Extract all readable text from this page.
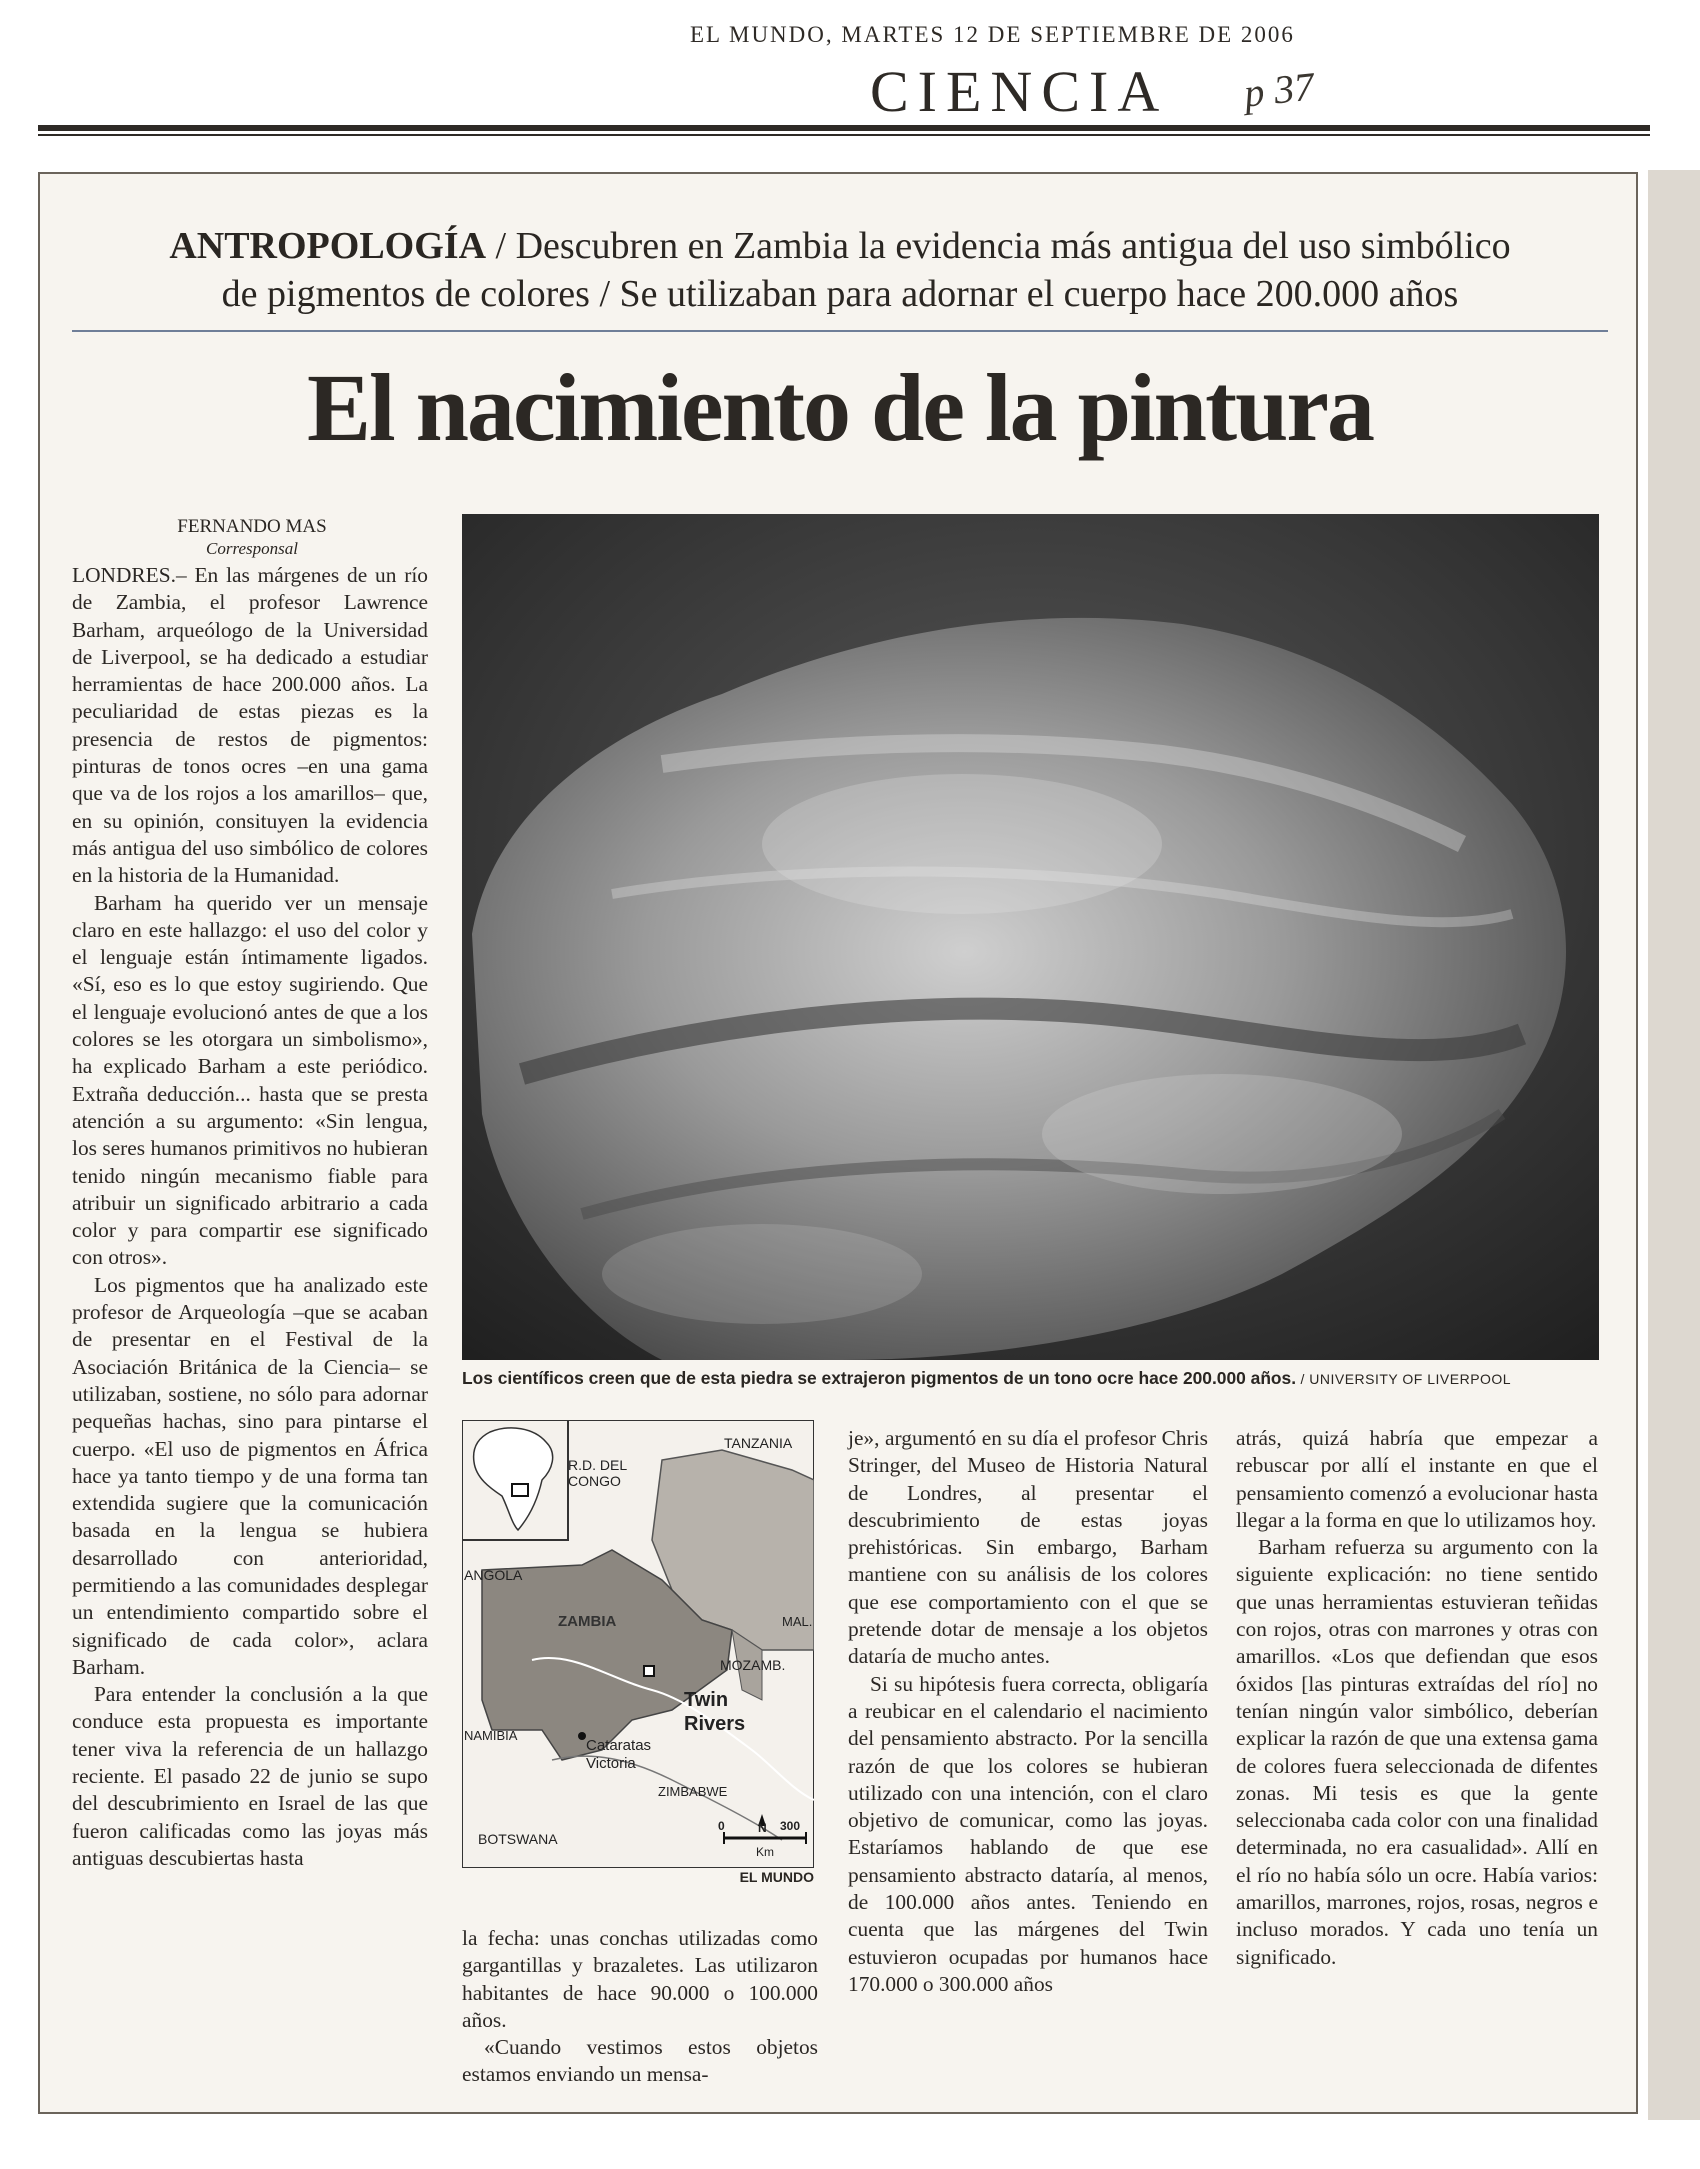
EL MUNDO, MARTES 12 DE SEPTIEMBRE DE 2006
CIENCIA p 37
ANTROPOLOGÍA / Descubren en Zambia la evidencia más antigua del uso simbólico
de pigmentos de colores / Se utilizaban para adornar el cuerpo hace 200.000 años
El nacimiento de la pintura
FERNANDO MAS
Corresponsal

LONDRES.– En las márgenes de un río de Zambia, el profesor Lawrence Barham, arqueólogo de la Universidad de Liverpool, se ha dedicado a estudiar herramientas de hace 200.000 años. La peculiaridad de estas piezas es la presencia de restos de pigmentos: pinturas de tonos ocres –en una gama que va de los rojos a los amarillos– que, en su opinión, consituyen la evidencia más antigua del uso simbólico de colores en la historia de la Humanidad.

Barham ha querido ver un mensaje claro en este hallazgo: el uso del color y el lenguaje están íntimamente ligados. «Sí, eso es lo que estoy sugiriendo. Que el lenguaje evolucionó antes de que a los colores se les otorgara un simbolismo», ha explicado Barham a este periódico. Extraña deducción... hasta que se presta atención a su argumento: «Sin lengua, los seres humanos primitivos no hubieran tenido ningún mecanismo fiable para atribuir un significado arbitrario a cada color y para compartir ese significado con otros».

Los pigmentos que ha analizado este profesor de Arqueología –que se acaban de presentar en el Festival de la Asociación Británica de la Ciencia– se utilizaban, sostiene, no sólo para adornar pequeñas hachas, sino para pintarse el cuerpo. «El uso de pigmentos en África hace ya tanto tiempo y de una forma tan extendida sugiere que la comunicación basada en la lengua se hubiera desarrollado con anterioridad, permitiendo a las comunidades desplegar un entendimiento compartido sobre el significado de cada color», aclara Barham.

Para entender la conclusión a la que conduce esta propuesta es importante tener viva la referencia de un hallazgo reciente. El pasado 22 de junio se supo del descubrimiento en Israel de las que fueron calificadas como las joyas más antiguas descubiertas hasta

Los científicos creen que de esta piedra se extrajeron pigmentos de un tono ocre hace 200.000 años. / UNIVERSITY OF LIVERPOOL
TANZANIA
R.D. DEL
CONGO
ANGOLA
ZAMBIA	MAL.
MOZAMB.
Twin
Rivers
NAMIBIA
Cataratas
Victoria
ZIMBABWE
BOTSWANA
0	N 300
Km
EL MUNDO

la fecha: unas conchas utilizadas como gargantillas y brazaletes. Las utilizaron habitantes de hace 90.000 o 100.000 años.

«Cuando vestimos estos objetos estamos enviando un mensa-

je», argumentó en su día el profesor Chris Stringer, del Museo de Historia Natural de Londres, al presentar el descubrimiento de estas joyas prehistóricas. Sin embargo, Barham mantiene con su análisis de los colores que ese comportamiento con el que se pretende dotar de mensaje a los objetos dataría de mucho antes.

Si su hipótesis fuera correcta, obligaría a reubicar en el calendario el nacimiento del pensamiento abstracto. Por la sencilla razón de que los colores se hubieran utilizado con una intención, con el claro objetivo de comunicar, como las joyas. Estaríamos hablando de que ese pensamiento abstracto dataría, al menos, de 100.000 años antes. Teniendo en cuenta que las márgenes del Twin estuvieron ocupadas por humanos hace 170.000 o 300.000 años

atrás, quizá habría que empezar a rebuscar por allí el instante en que el pensamiento comenzó a evolucionar hasta llegar a la forma en que lo utilizamos hoy.

Barham refuerza su argumento con la siguiente explicación: no tiene sentido que unas herramientas estuvieran teñidas con rojos, otras con marrones y otras con amarillos. «Los que defiendan que esos óxidos [las pinturas extraídas del río] no tenían ningún valor simbólico, deberían explicar la razón de que una extensa gama de colores fuera seleccionada de difentes zonas. Mi tesis es que la gente seleccionaba cada color con una finalidad determinada, no era casualidad». Allí en el río no había sólo un ocre. Había varios: amarillos, marrones, rojos, rosas, negros e incluso morados. Y cada uno tenía un significado.
